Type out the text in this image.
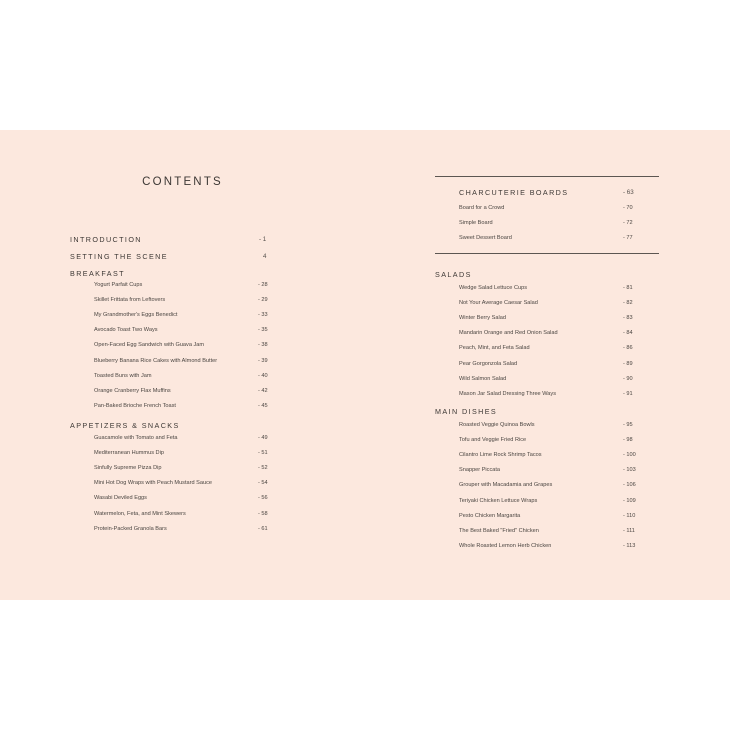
CONTENTS
INTRODUCTION	- 1
SETTING THE SCENE	4
BREAKFAST
Yogurt Parfait Cups	- 28
Skillet Frittata from Leftovers	- 29
My Grandmother's Eggs Benedict	- 33
Avocado Toast Two Ways	- 35
Open-Faced Egg Sandwich with Guava Jam	- 38
Blueberry Banana Rice Cakes with Almond Butter	- 39
Toasted Buns with Jam	- 40
Orange Cranberry Flax Muffins	- 42
Pan-Baked Brioche French Toast	- 45
APPETIZERS & SNACKS
Guacamole with Tomato and Feta	- 49
Mediterranean Hummus Dip	- 51
Sinfully Supreme Pizza Dip	- 52
Mini Hot Dog Wraps with Peach Mustard Sauce	- 54
Wasabi Deviled Eggs	- 56
Watermelon, Feta, and Mint Skewers	- 58
Protein-Packed Granola Bars	- 61
CHARCUTERIE BOARDS	- 63
Board for a Crowd	- 70
Simple Board	- 72
Sweet Dessert Board	- 77
SALADS
Wedge Salad Lettuce Cups	- 81
Not Your Average Caesar Salad	- 82
Winter Berry Salad	- 83
Mandarin Orange and Red Onion Salad	- 84
Peach, Mint, and Feta Salad	- 86
Pear Gorgonzola Salad	- 89
Wild Salmon Salad	- 90
Mason Jar Salad Dressing Three Ways	- 91
MAIN DISHES
Roasted Veggie Quinoa Bowls	- 95
Tofu and Veggie Fried Rice	- 98
Cilantro Lime Rock Shrimp Tacos	- 100
Snapper Piccata	- 103
Grouper with Macadamia and Grapes	- 106
Teriyaki Chicken Lettuce Wraps	- 109
Pesto Chicken Margarita	- 110
The Best Baked "Fried" Chicken	- 111
Whole Roasted Lemon Herb Chicken	- 113
